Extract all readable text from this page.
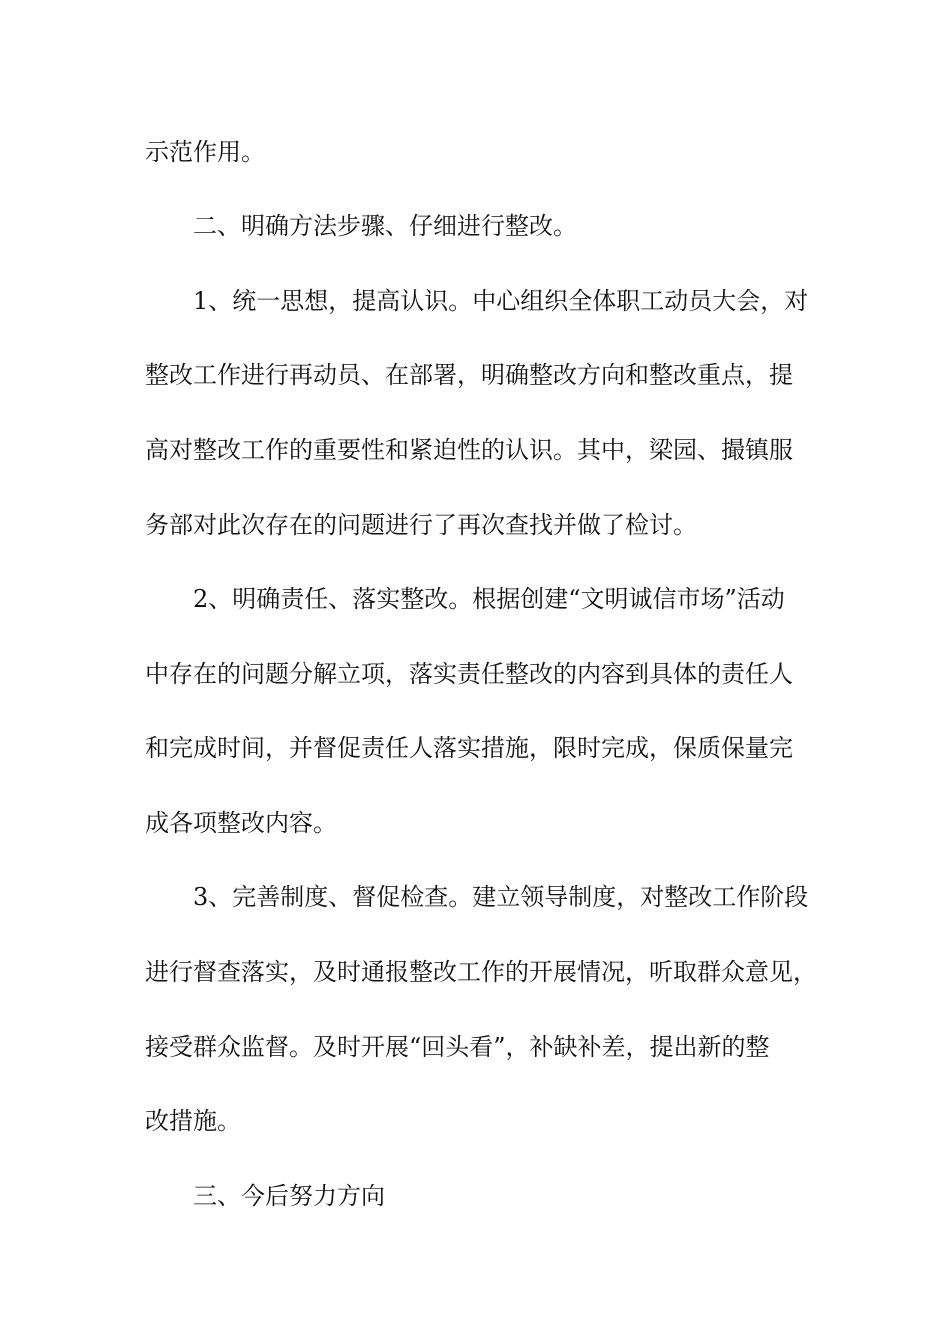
示范作用。
二、明确方法步骤、仔细进行整改。
1、统一思想，提高认识。中心组织全体职工动员大会，对
整改工作进行再动员、在部署，明确整改方向和整改重点，提
高对整改工作的重要性和紧迫性的认识。其中，梁园、撮镇服
务部对此次存在的问题进行了再次查找并做了检讨。
2、明确责任、落实整改。根据创建“文明诚信市场”活动
中存在的问题分解立项，落实责任整改的内容到具体的责任人
和完成时间，并督促责任人落实措施，限时完成，保质保量完
成各项整改内容。
3、完善制度、督促检查。建立领导制度，对整改工作阶段
进行督查落实，及时通报整改工作的开展情况，听取群众意见，
接受群众监督。及时开展“回头看”，补缺补差，提出新的整
改措施。
三、今后努力方向
